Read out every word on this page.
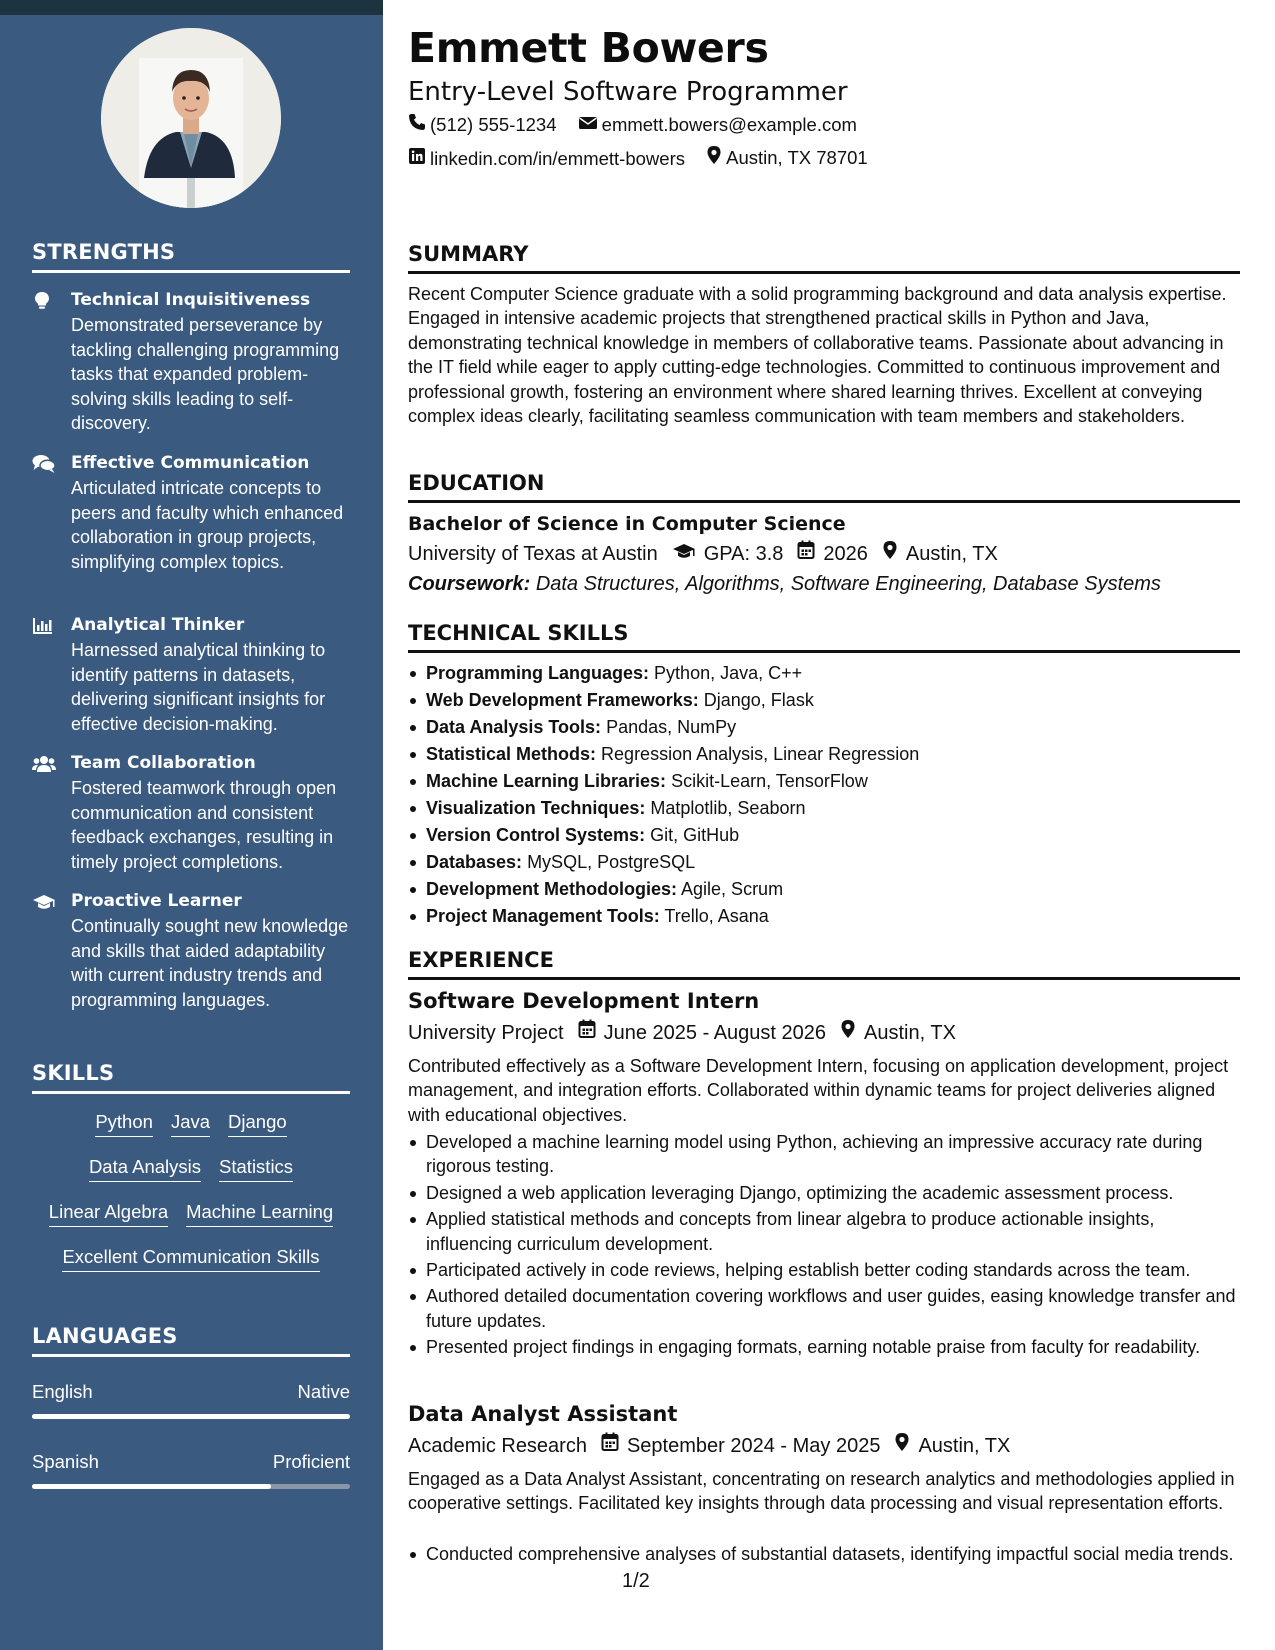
STRENGTHS
Technical Inquisitiveness
Demonstrated perseverance by tackling challenging programming tasks that expanded problem-solving skills leading to self-discovery.
Effective Communication
Articulated intricate concepts to peers and faculty which enhanced collaboration in group projects, simplifying complex topics.
Analytical Thinker
Harnessed analytical thinking to identify patterns in datasets, delivering significant insights for effective decision-making.
Team Collaboration
Fostered teamwork through open communication and consistent feedback exchanges, resulting in timely project completions.
Proactive Learner
Continually sought new knowledge and skills that aided adaptability with current industry trends and programming languages.
SKILLS
Python Java Django
Data Analysis Statistics
Linear Algebra Machine Learning
Excellent Communication Skills
LANGUAGES
English	Native
Spanish	Proficient
Emmett Bowers
Entry-Level Software Programmer
(512) 555-1234
emmett.bowers@example.com
linkedin.com/in/emmett-bowers
Austin, TX 78701
SUMMARY
Recent Computer Science graduate with a solid programming background and data analysis expertise. Engaged in intensive academic projects that strengthened practical skills in Python and Java, demonstrating technical knowledge in members of collaborative teams. Passionate about advancing in the IT field while eager to apply cutting-edge technologies. Committed to continuous improvement and professional growth, fostering an environment where shared learning thrives. Excellent at conveying complex ideas clearly, facilitating seamless communication with team members and stakeholders.
EDUCATION
Bachelor of Science in Computer Science
University of Texas at Austin GPA: 3.8 2026 Austin, TX
Coursework: Data Structures, Algorithms, Software Engineering, Database Systems
TECHNICAL SKILLS
Programming Languages: Python, Java, C++
Web Development Frameworks: Django, Flask
Data Analysis Tools: Pandas, NumPy
Statistical Methods: Regression Analysis, Linear Regression
Machine Learning Libraries: Scikit-Learn, TensorFlow
Visualization Techniques: Matplotlib, Seaborn
Version Control Systems: Git, GitHub
Databases: MySQL, PostgreSQL
Development Methodologies: Agile, Scrum
Project Management Tools: Trello, Asana
EXPERIENCE
Software Development Intern
University Project June 2025 - August 2026 Austin, TX
Contributed effectively as a Software Development Intern, focusing on application development, project management, and integration efforts. Collaborated within dynamic teams for project deliveries aligned with educational objectives.
Developed a machine learning model using Python, achieving an impressive accuracy rate during rigorous testing.
Designed a web application leveraging Django, optimizing the academic assessment process.
Applied statistical methods and concepts from linear algebra to produce actionable insights, influencing curriculum development.
Participated actively in code reviews, helping establish better coding standards across the team.
Authored detailed documentation covering workflows and user guides, easing knowledge transfer and future updates.
Presented project findings in engaging formats, earning notable praise from faculty for readability.
Data Analyst Assistant
Academic Research September 2024 - May 2025 Austin, TX
Engaged as a Data Analyst Assistant, concentrating on research analytics and methodologies applied in cooperative settings. Facilitated key insights through data processing and visual representation efforts.
Conducted comprehensive analyses of substantial datasets, identifying impactful social media trends.
1/2
